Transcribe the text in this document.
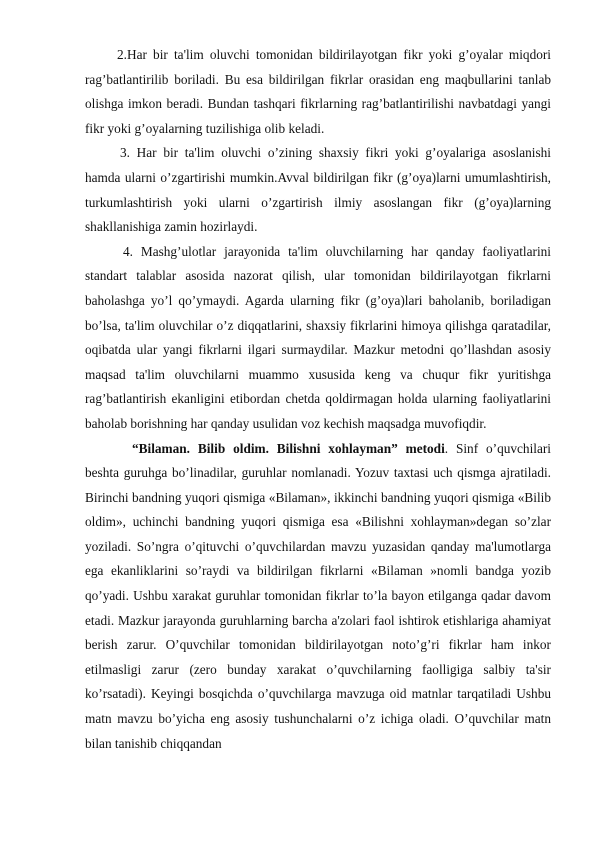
2.Har bir ta'lim oluvchi tomonidan bildirilayotgan fikr yoki g’oyalar miqdori rag’batlantirilib boriladi. Bu esa bildirilgan fikrlar orasidan eng maqbullarini tanlab olishga imkon beradi. Bundan tashqari fikrlarning rag’batlantirilishi navbatdagi yangi fikr yoki g’oyalarning tuzilishiga olib keladi.

3. Har bir ta'lim oluvchi o’zining shaxsiy fikri yoki g’oyalariga asoslanishi hamda ularni o’zgartirishi mumkin.Avval bildirilgan fikr (g’oya)larni umumlashtirish, turkumlashtirish yoki ularni o’zgartirish ilmiy asoslangan fikr (g’oya)larning shakllanishiga zamin hozirlaydi.

4. Mashg’ulotlar jarayonida ta'lim oluvchilarning har qanday faoliyatlarini standart talablar asosida nazorat qilish, ular tomonidan bildirilayotgan fikrlarni baholashga yo’l qo’ymaydi. Agarda ularning fikr (g’oya)lari baholanib, boriladigan bo’lsa, ta'lim oluvchilar o’z diqqatlarini, shaxsiy fikrlarini himoya qilishga qaratadilar, oqibatda ular yangi fikrlarni ilgari surmaydilar. Mazkur metodni qo’llashdan asosiy maqsad ta'lim oluvchilarni muammo xususida keng va chuqur fikr yuritishga rag’batlantirish ekanligini etibordan chetda qoldirmagan holda ularning faoliyatlarini baholab borishning har qanday usulidan voz kechish maqsadga muvofiqdir.

“Bilaman. Bilib oldim. Bilishni xohlayman” metodi. Sinf o’quvchilari beshta guruhga bo’linadilar, guruhlar nomlanadi. Yozuv taxtasi uch qismga ajratiladi. Birinchi bandning yuqori qismiga «Bilaman», ikkinchi bandning yuqori qismiga «Bilib oldim», uchinchi bandning yuqori qismiga esa «Bilishni xohlayman»degan so’zlar yoziladi. So’ngra o’qituvchi o’quvchilardan mavzu yuzasidan qanday ma'lumotlarga ega ekanliklarini so’raydi va bildirilgan fikrlarni «Bilaman »nomli bandga yozib qo’yadi. Ushbu xarakat guruhlar tomonidan fikrlar to’la bayon etilganga qadar davom etadi. Mazkur jarayonda guruhlarning barcha a'zolari faol ishtirok etishlariga ahamiyat berish zarur. O’quvchilar tomonidan bildirilayotgan noto’g’ri fikrlar ham inkor etilmasligi zarur (zero bunday xarakat o’quvchilarning faolligiga salbiy ta'sir ko’rsatadi). Keyingi bosqichda o’quvchilarga mavzuga oid matnlar tarqatiladi Ushbu matn mavzu bo’yicha eng asosiy tushunchalarni o’z ichiga oladi. O’quvchilar matn bilan tanishib chiqqandan
